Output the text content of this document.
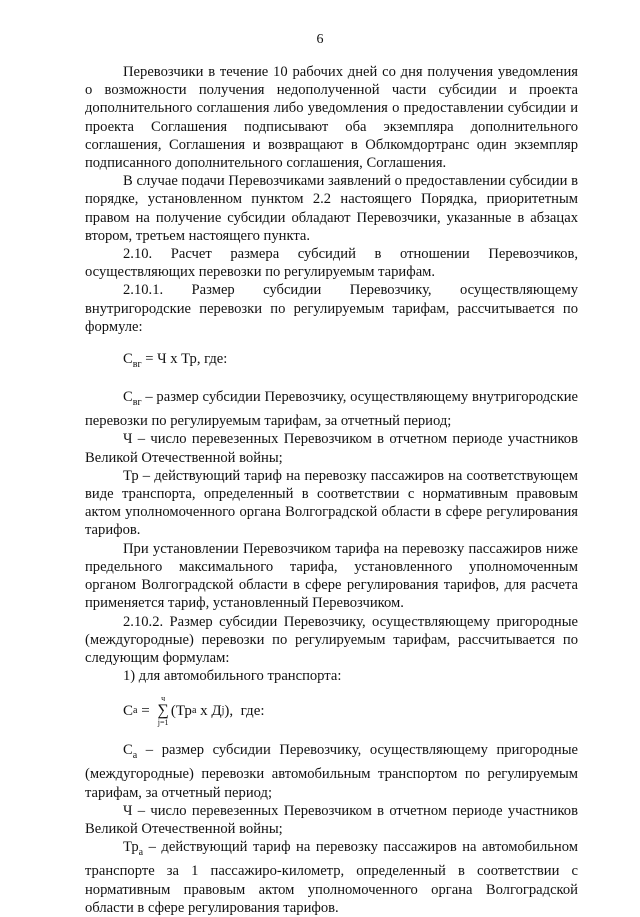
6

Перевозчики в течение 10 рабочих дней со дня получения уведомления о возможности получения недополученной части субсидии и проекта дополнительного соглашения либо уведомления о предоставлении субсидии и проекта Соглашения подписывают оба экземпляра дополнительного соглашения, Соглашения и возвращают в Облкомдортранс один экземпляр подписанного дополнительного соглашения, Соглашения.

В случае подачи Перевозчиками заявлений о предоставлении субсидии в порядке, установленном пунктом 2.2 настоящего Порядка, приоритетным правом на получение субсидии обладают Перевозчики, указанные в абзацах втором, третьем настоящего пункта.

2.10. Расчет размера субсидий в отношении Перевозчиков, осуществляющих перевозки по регулируемым тарифам.

2.10.1. Размер субсидии Перевозчику, осуществляющему внутригородские перевозки по регулируемым тарифам, рассчитывается по формуле:

$С_{вг} = Ч$ х Тр, где:

$С_{вг}$ – размер субсидии Перевозчику, осуществляющему внутригородские перевозки по регулируемым тарифам, за отчетный период;

Ч – число перевезенных Перевозчиком в отчетном периоде участников Великой Отечественной войны;

Тр – действующий тариф на перевозку пассажиров на соответствующем виде транспорта, определенный в соответствии с нормативным правовым актом уполномоченного органа Волгоградской области в сфере регулирования тарифов.

При установлении Перевозчиком тарифа на перевозку пассажиров ниже предельного максимального тарифа, установленного уполномоченным органом Волгоградской области в сфере регулирования тарифов, для расчета применяется тариф, установленный Перевозчиком.

2.10.2. Размер субсидии Перевозчику, осуществляющему пригородные (междугородные) перевозки по регулируемым тарифам, рассчитывается по следующим формулам:

1) для автомобильного транспорта:

С а =
ч
∑
j=1
(Тр а х Д j ),  где:

$С_а$ – размер субсидии Перевозчику, осуществляющему пригородные (междугородные) перевозки автомобильным транспортом по регулируемым тарифам, за отчетный период;

Ч – число перевезенных Перевозчиком в отчетном периоде участников Великой Отечественной войны;

$Тр_а$ – действующий тариф на перевозку пассажиров на автомобильном транспорте за 1 пассажиро-километр, определенный в соответствии с нормативным правовым актом уполномоченного органа Волгоградской области в сфере регулирования тарифов.
